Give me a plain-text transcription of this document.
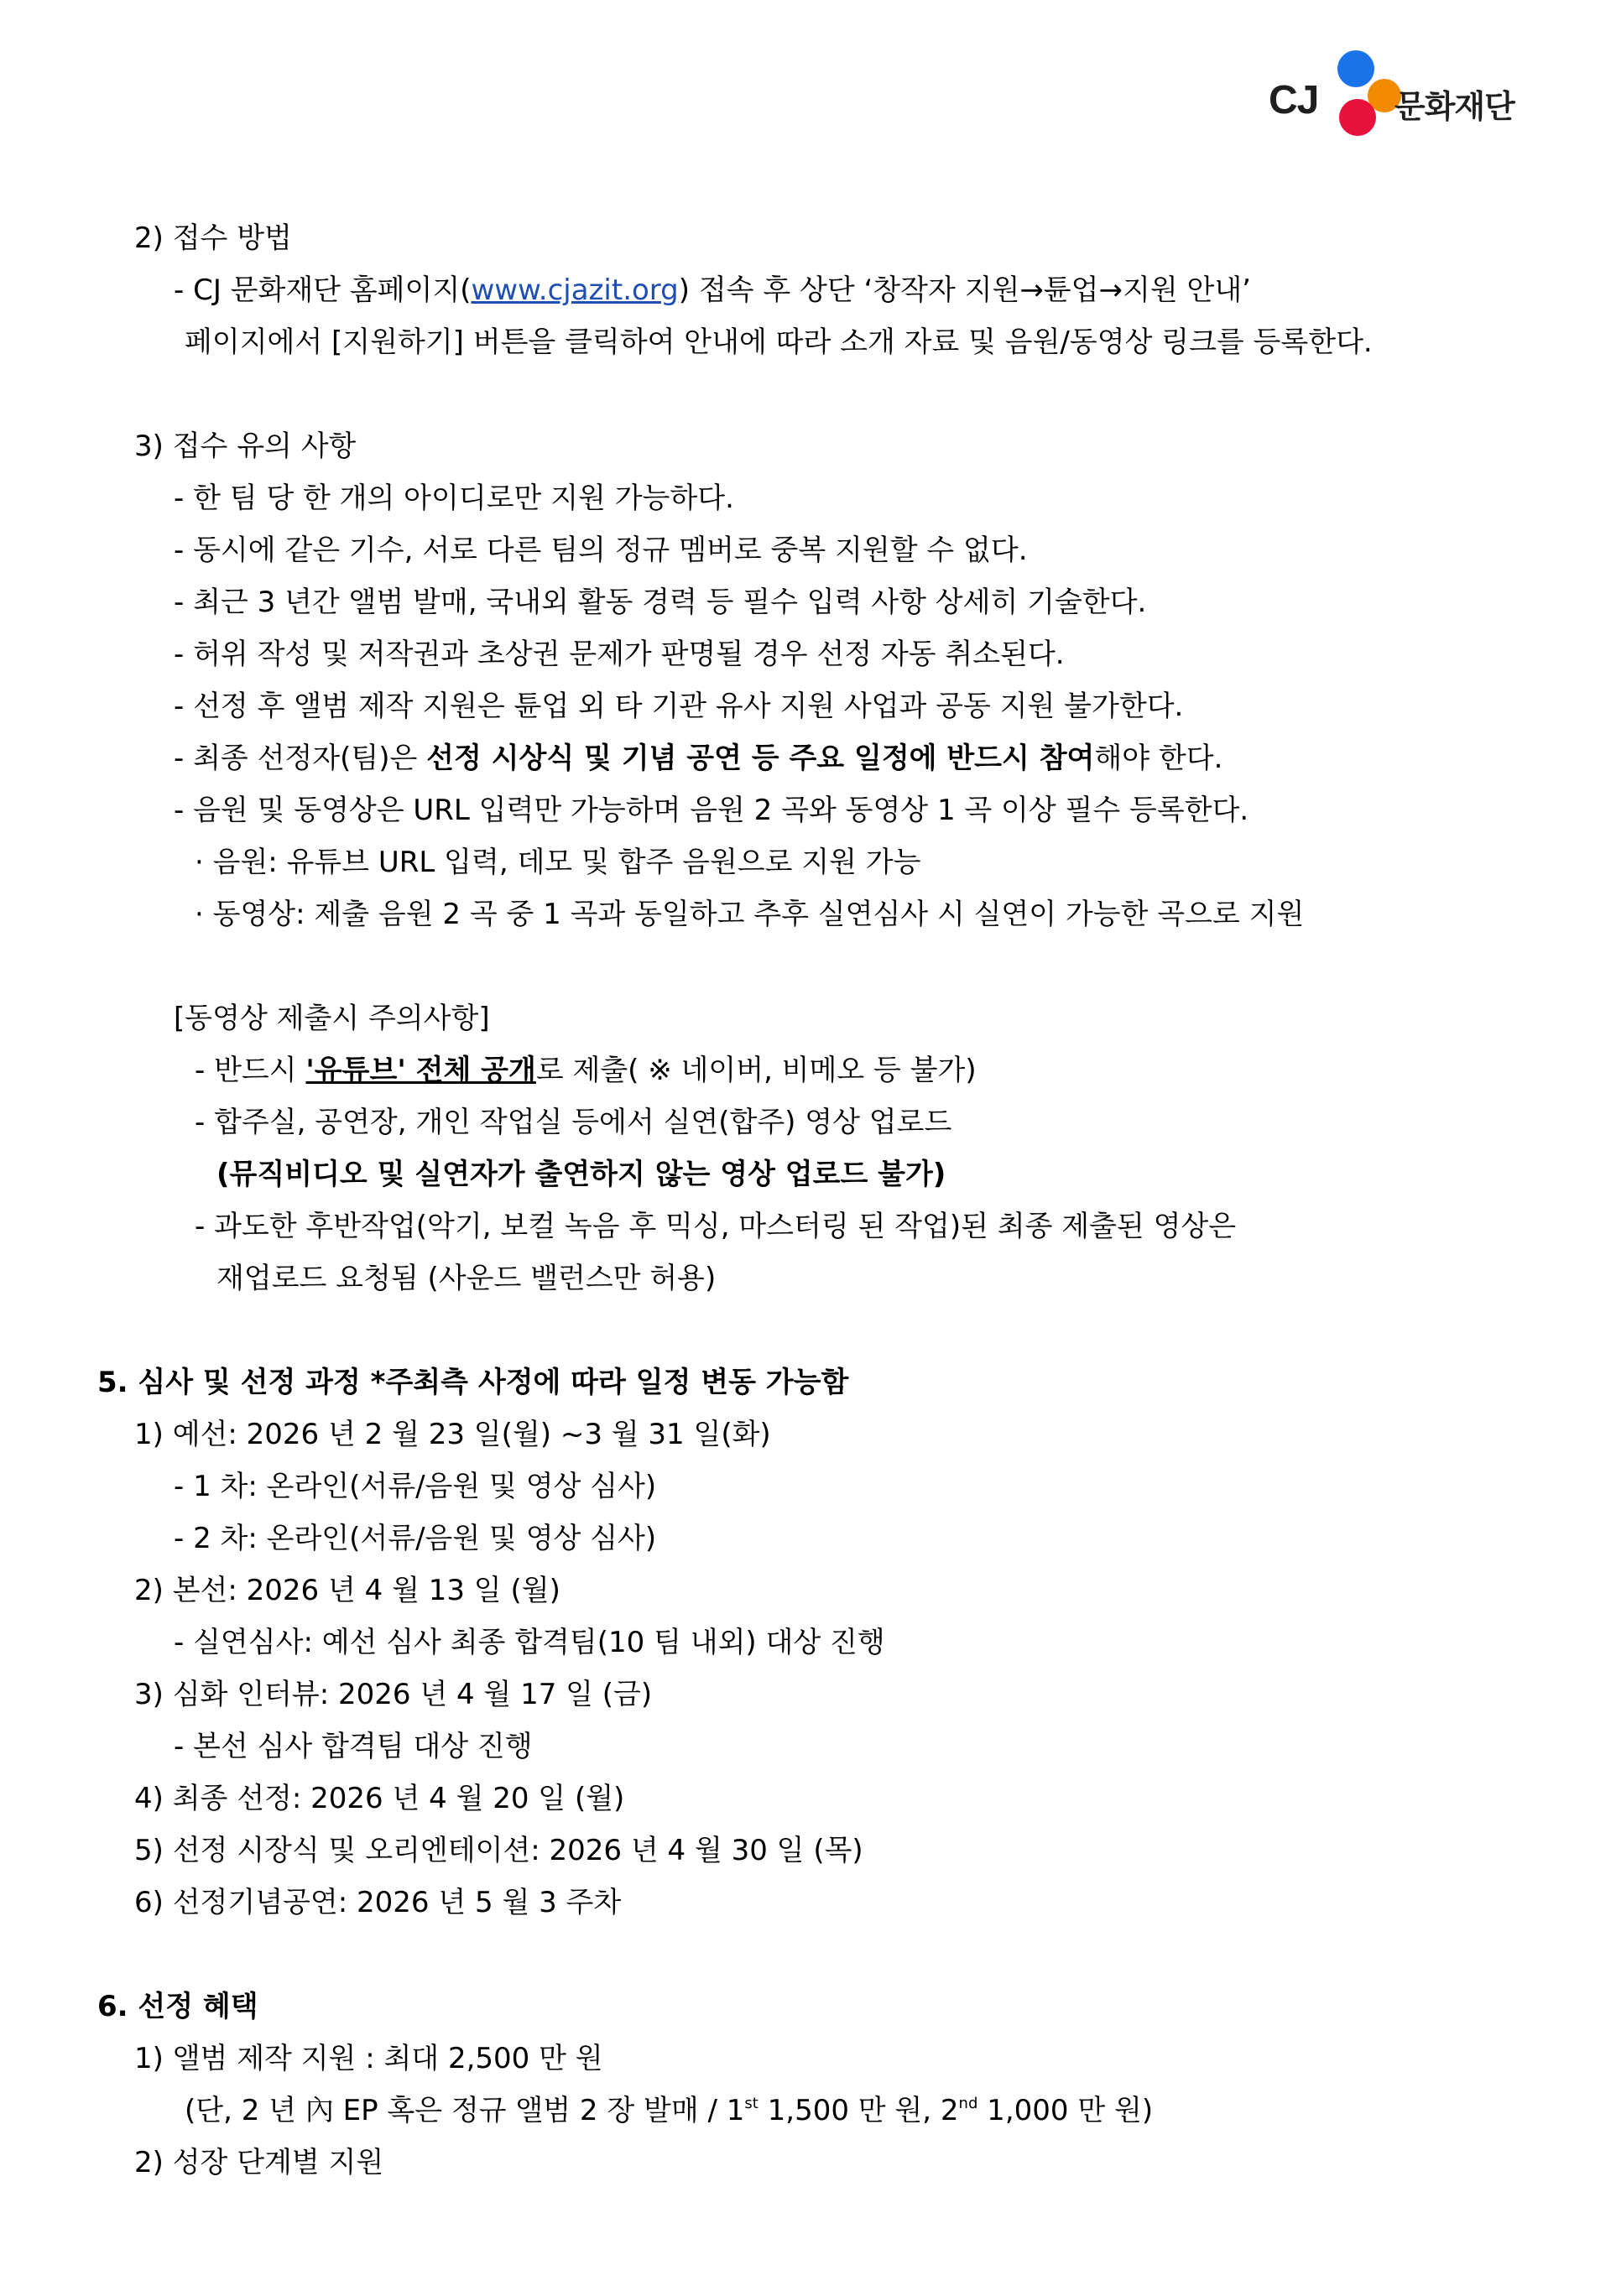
CJ 문화재단
2) 접수 방법
- CJ 문화재단 홈페이지(www.cjazit.org) 접속 후 상단 ‘창작자 지원→튠업→지원 안내’
페이지에서 [지원하기] 버튼을 클릭하여 안내에 따라 소개 자료 및 음원/동영상 링크를 등록한다.
3) 접수 유의 사항
- 한 팀 당 한 개의 아이디로만 지원 가능하다.
- 동시에 같은 기수, 서로 다른 팀의 정규 멤버로 중복 지원할 수 없다.
- 최근 3 년간 앨범 발매, 국내외 활동 경력 등 필수 입력 사항 상세히 기술한다.
- 허위 작성 및 저작권과 초상권 문제가 판명될 경우 선정 자동 취소된다.
- 선정 후 앨범 제작 지원은 튠업 외 타 기관 유사 지원 사업과 공동 지원 불가한다.
- 최종 선정자(팀)은 선정 시상식 및 기념 공연 등 주요 일정에 반드시 참여해야 한다.
- 음원 및 동영상은 URL 입력만 가능하며 음원 2 곡와 동영상 1 곡 이상 필수 등록한다.
· 음원: 유튜브 URL 입력, 데모 및 합주 음원으로 지원 가능
· 동영상: 제출 음원 2 곡 중 1 곡과 동일하고 추후 실연심사 시 실연이 가능한 곡으로 지원
[동영상 제출시 주의사항]
- 반드시 '유튜브' 전체 공개로 제출( ※ 네이버, 비메오 등 불가)
- 합주실, 공연장, 개인 작업실 등에서 실연(합주) 영상 업로드
(뮤직비디오 및 실연자가 출연하지 않는 영상 업로드 불가)
- 과도한 후반작업(악기, 보컬 녹음 후 믹싱, 마스터링 된 작업)된 최종 제출된 영상은
재업로드 요청됨 (사운드 밸런스만 허용)
5. 심사 및 선정 과정 *주최측 사정에 따라 일정 변동 가능함
1) 예선: 2026 년 2 월 23 일(월) ~3 월 31 일(화)
- 1 차: 온라인(서류/음원 및 영상 심사)
- 2 차: 온라인(서류/음원 및 영상 심사)
2) 본선: 2026 년 4 월 13 일 (월)
- 실연심사: 예선 심사 최종 합격팀(10 팀 내외) 대상 진행
3) 심화 인터뷰: 2026 년 4 월 17 일 (금)
- 본선 심사 합격팀 대상 진행
4) 최종 선정: 2026 년 4 월 20 일 (월)
5) 선정 시장식 및 오리엔테이션: 2026 년 4 월 30 일 (목)
6) 선정기념공연: 2026 년 5 월 3 주차
6. 선정 혜택
1) 앨범 제작 지원 : 최대 2,500 만 원
(단, 2 년 內 EP 혹은 정규 앨범 2 장 발매 / 1st 1,500 만 원, 2nd 1,000 만 원)
2) 성장 단계별 지원
